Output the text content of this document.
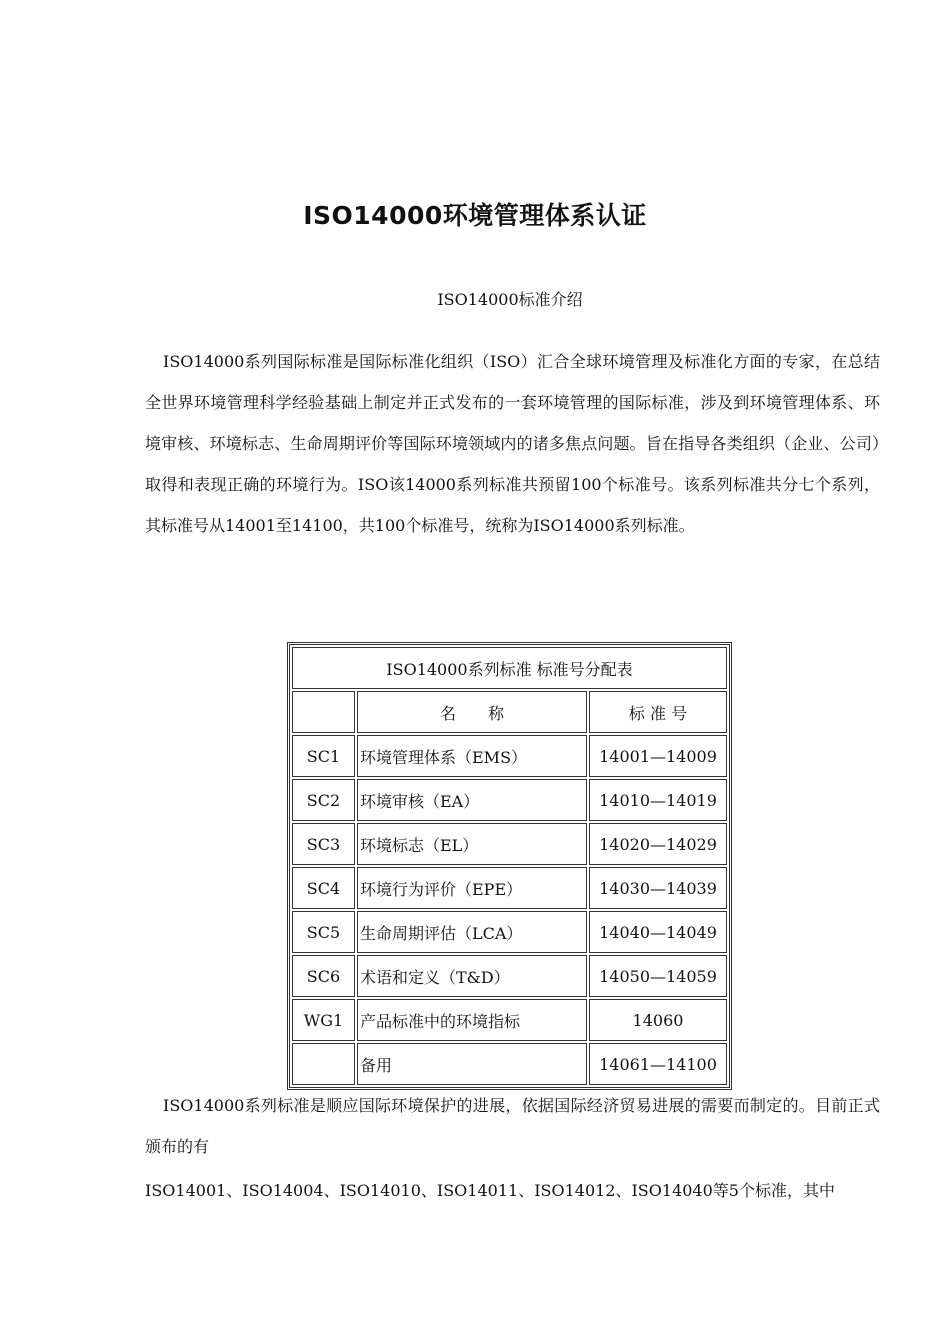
ISO14000环境管理体系认证
ISO14000标准介绍

ISO14000系列国际标准是国际标准化组织（ISO）汇合全球环境管理及标准化方面的专家，在总结全世界环境管理科学经验基础上制定并正式发布的一套环境管理的国际标准，涉及到环境管理体系、环境审核、环境标志、生命周期评价等国际环境领域内的诸多焦点问题。旨在指导各类组织（企业、公司）取得和表现正确的环境行为。ISO该14000系列标准共预留100个标准号。该系列标准共分七个系列，其标准号从14001至14100，共100个标准号，统称为ISO14000系列标准。

ISO14000系列标准 标准号分配表		
	名　　称	标 准 号
SC1	环境管理体系（EMS）	14001—14009
SC2	环境审核（EA）	14010—14019
SC3	环境标志（EL）	14020—14029
SC4	环境行为评价（EPE）	14030—14039
SC5	生命周期评估（LCA）	14040—14049
SC6	术语和定义（T&D）	14050—14059
WG1	产品标准中的环境指标	14060
	备用	14061—14100

ISO14000系列标准是顺应国际环境保护的进展，依据国际经济贸易进展的需要而制定的。目前正式颁布的有

ISO14001、ISO14004、ISO14010、ISO14011、ISO14012、ISO14040等5个标准，其中
